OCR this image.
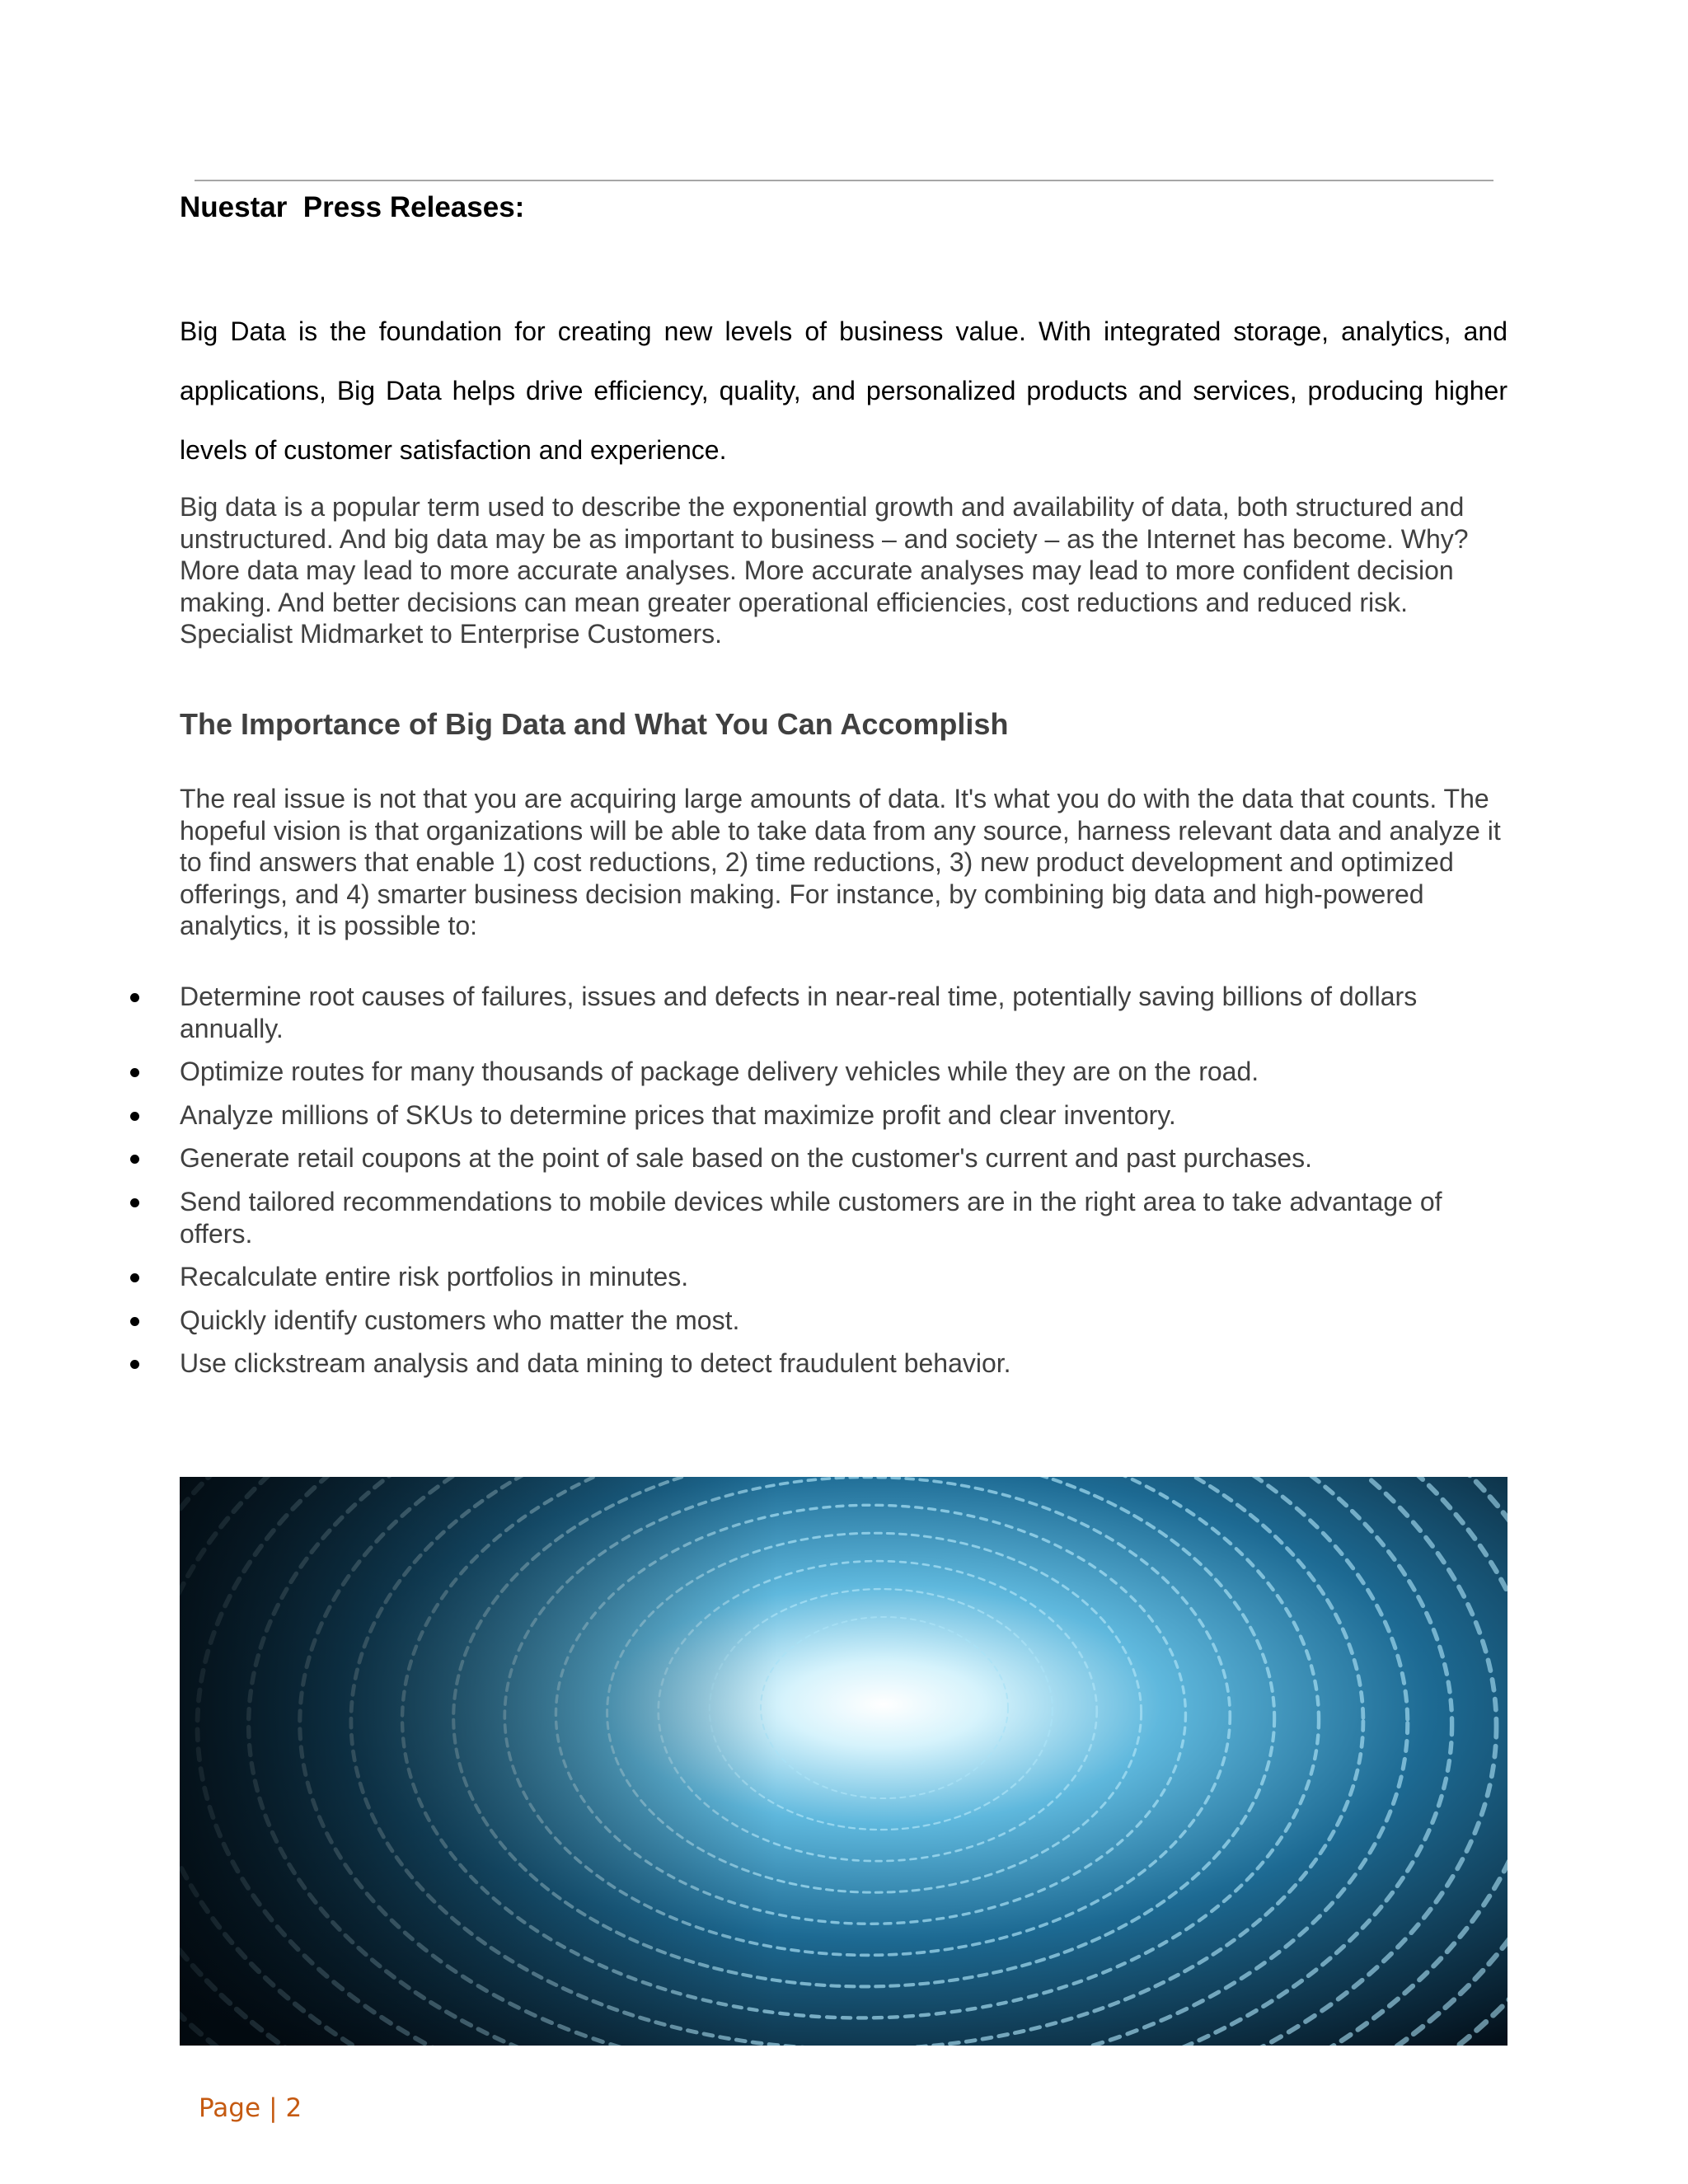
Nuestar  Press Releases:

Big Data is the foundation for creating new levels of business value. With integrated storage, analytics, and applications, Big Data helps drive efficiency, quality, and personalized products and services, producing higher levels of customer satisfaction and experience.

Big data is a popular term used to describe the exponential growth and availability of data, both structured and unstructured. And big data may be as important to business – and society – as the Internet has become. Why? More data may lead to more accurate analyses. More accurate analyses may lead to more confident decision making. And better decisions can mean greater operational efficiencies, cost reductions and reduced risk. Specialist Midmarket to Enterprise Customers.

The Importance of Big Data and What You Can Accomplish

The real issue is not that you are acquiring large amounts of data. It's what you do with the data that counts. The hopeful vision is that organizations will be able to take data from any source, harness relevant data and analyze it to find answers that enable 1) cost reductions, 2) time reductions, 3) new product development and optimized offerings, and 4) smarter business decision making. For instance, by combining big data and high-powered analytics, it is possible to:

Determine root causes of failures, issues and defects in near-real time, potentially saving billions of dollars annually.
Optimize routes for many thousands of package delivery vehicles while they are on the road.
Analyze millions of SKUs to determine prices that maximize profit and clear inventory.
Generate retail coupons at the point of sale based on the customer's current and past purchases.
Send tailored recommendations to mobile devices while customers are in the right area to take advantage of offers.
Recalculate entire risk portfolios in minutes.
Quickly identify customers who matter the most.
Use clickstream analysis and data mining to detect fraudulent behavior.
Page | 2
